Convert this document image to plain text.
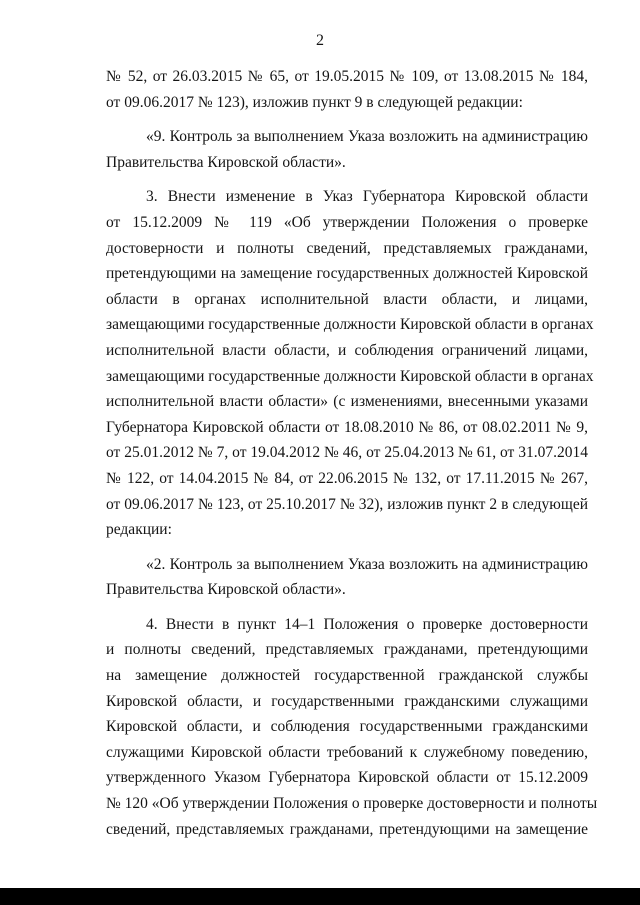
2
№ 52, от 26.03.2015 № 65, от 19.05.2015 № 109, от 13.08.2015 № 184,
от 09.06.2017 № 123), изложив пункт 9 в следующей редакции:
«9. Контроль за выполнением Указа возложить на администрацию
Правительства Кировской области».
3. Внести изменение в Указ Губернатора Кировской области
от 15.12.2009 № 119 «Об утверждении Положения о проверке
достоверности и полноты сведений, представляемых гражданами,
претендующими на замещение государственных должностей Кировской
области в органах исполнительной власти области, и лицами,
замещающими государственные должности Кировской области в органах
исполнительной власти области, и соблюдения ограничений лицами,
замещающими государственные должности Кировской области в органах
исполнительной власти области» (с изменениями, внесенными указами
Губернатора Кировской области от 18.08.2010 № 86, от 08.02.2011 № 9,
от 25.01.2012 № 7, от 19.04.2012 № 46, от 25.04.2013 № 61, от 31.07.2014
№ 122, от 14.04.2015 № 84, от 22.06.2015 № 132, от 17.11.2015 № 267,
от 09.06.2017 № 123, от 25.10.2017 № 32), изложив пункт 2 в следующей
редакции:
«2. Контроль за выполнением Указа возложить на администрацию
Правительства Кировской области».
4. Внести в пункт 14–1 Положения о проверке достоверности
и полноты сведений, представляемых гражданами, претендующими
на замещение должностей государственной гражданской службы
Кировской области, и государственными гражданскими служащими
Кировской области, и соблюдения государственными гражданскими
служащими Кировской области требований к служебному поведению,
утвержденного Указом Губернатора Кировской области от 15.12.2009
№ 120 «Об утверждении Положения о проверке достоверности и полноты
сведений, представляемых гражданами, претендующими на замещение
